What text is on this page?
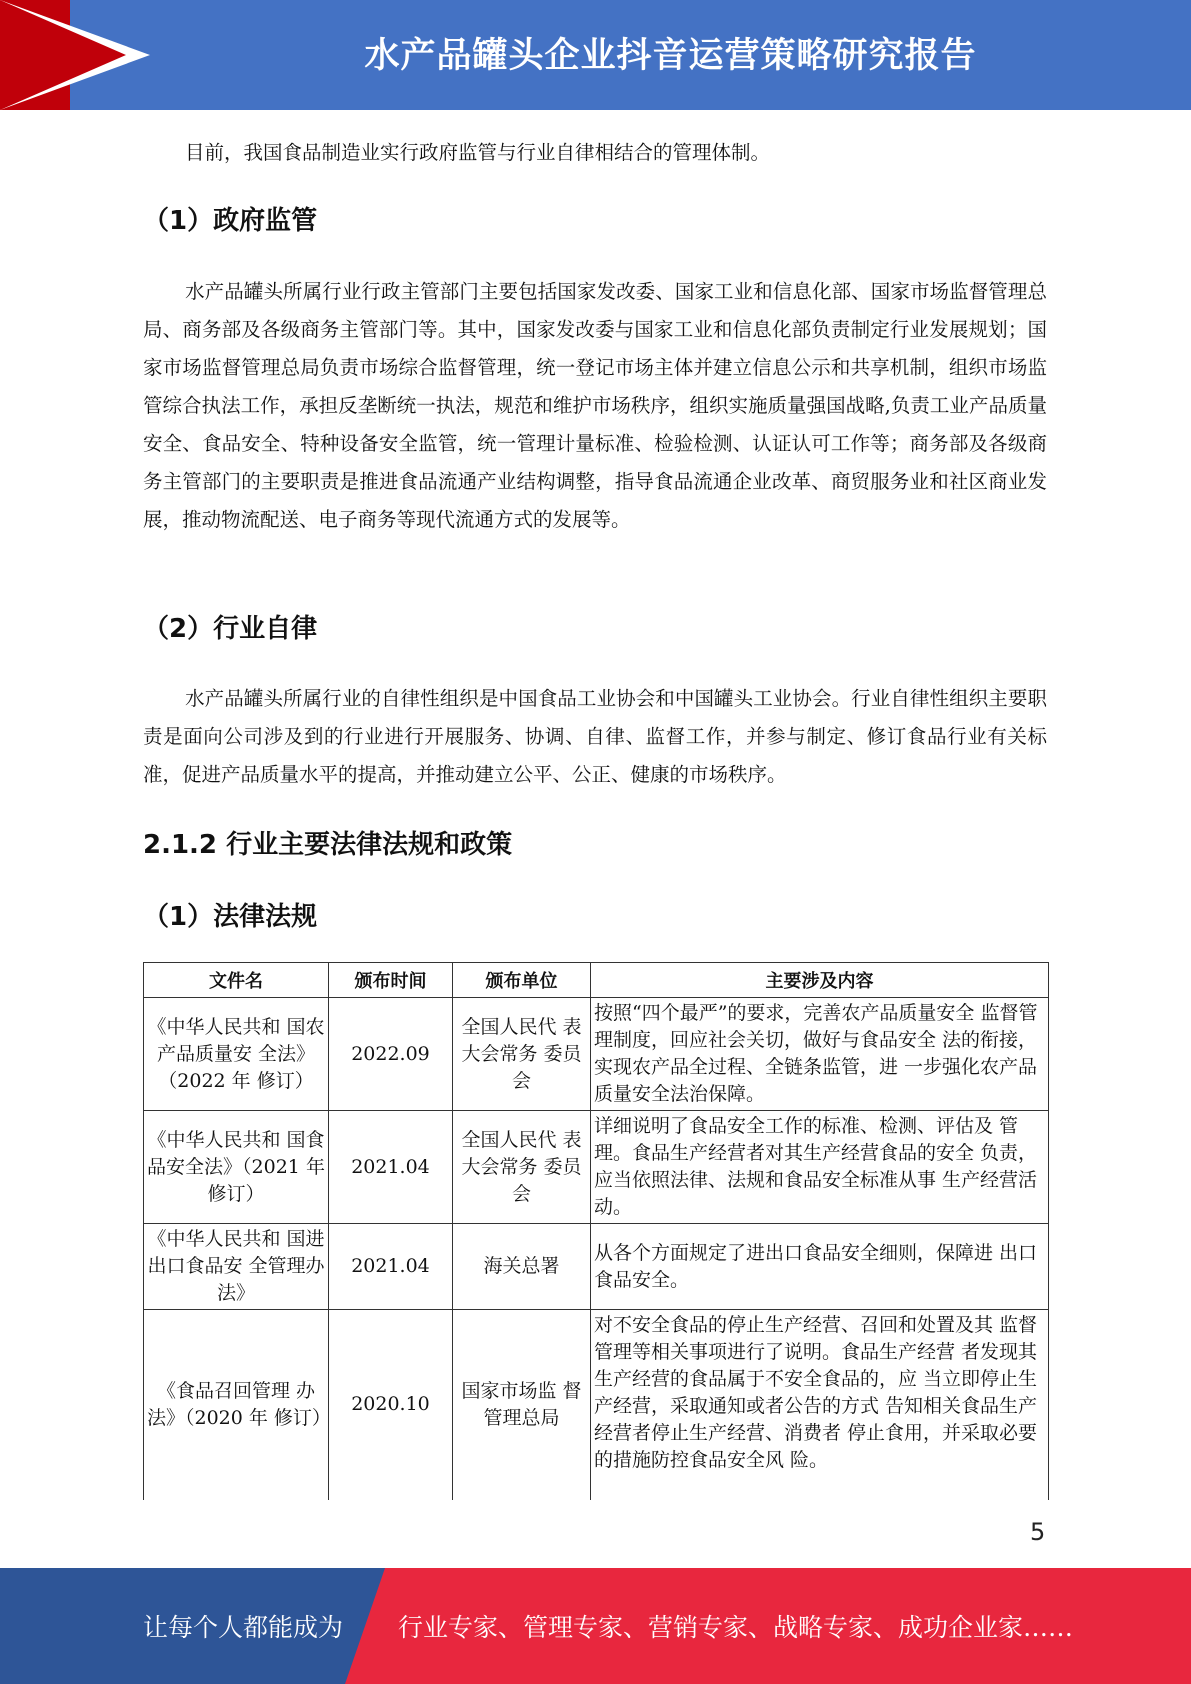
水产品罐头企业抖音运营策略研究报告

目前，我国食品制造业实行政府监管与行业自律相结合的管理体制。

（1）政府监管

水产品罐头所属行业行政主管部门主要包括国家发改委、国家工业和信息化部、国家市场监督管理总局、商务部及各级商务主管部门等。其中，国家发改委与国家工业和信息化部负责制定行业发展规划；国家市场监督管理总局负责市场综合监督管理，统一登记市场主体并建立信息公示和共享机制，组织市场监管综合执法工作，承担反垄断统一执法，规范和维护市场秩序，组织实施质量强国战略,负责工业产品质量安全、食品安全、特种设备安全监管，统一管理计量标准、检验检测、认证认可工作等；商务部及各级商务主管部门的主要职责是推进食品流通产业结构调整，指导食品流通企业改革、商贸服务业和社区商业发展，推动物流配送、电子商务等现代流通方式的发展等。

（2）行业自律

水产品罐头所属行业的自律性组织是中国食品工业协会和中国罐头工业协会。行业自律性组织主要职责是面向公司涉及到的行业进行开展服务、协调、自律、监督工作，并参与制定、修订食品行业有关标准，促进产品质量水平的提高，并推动建立公平、公正、健康的市场秩序。

2.1.2 行业主要法律法规和政策
（1）法律法规
文件名	颁布时间	颁布单位	主要涉及内容
《中华人民共和 国农产品质量安 全法》（2022 年 修订）	2022.09	全国人民代 表大会常务 委员会	按照“四个最严”的要求，完善农产品质量安全 监督管理制度，回应社会关切，做好与食品安全 法的衔接，实现农产品全过程、全链条监管，进 一步强化农产品质量安全法治保障。
《中华人民共和 国食品安全法》（2021 年修订）	2021.04	全国人民代 表大会常务 委员会	详细说明了食品安全工作的标准、检测、评估及 管理。食品生产经营者对其生产经营食品的安全 负责，应当依照法律、法规和食品安全标准从事 生产经营活动。
《中华人民共和 国进出口食品安 全管理办法》	2021.04	海关总署	从各个方面规定了进出口食品安全细则，保障进 出口食品安全。
《食品召回管理 办法》（2020 年 修订）	2020.10	国家市场监 督管理总局	对不安全食品的停止生产经营、召回和处置及其 监督管理等相关事项进行了说明。食品生产经营 者发现其生产经营的食品属于不安全食品的，应 当立即停止生产经营，采取通知或者公告的方式 告知相关食品生产经营者停止生产经营、消费者 停止食用，并采取必要的措施防控食品安全风 险。
5
让每个人都能成为 行业专家、管理专家、营销专家、战略专家、成功企业家……
